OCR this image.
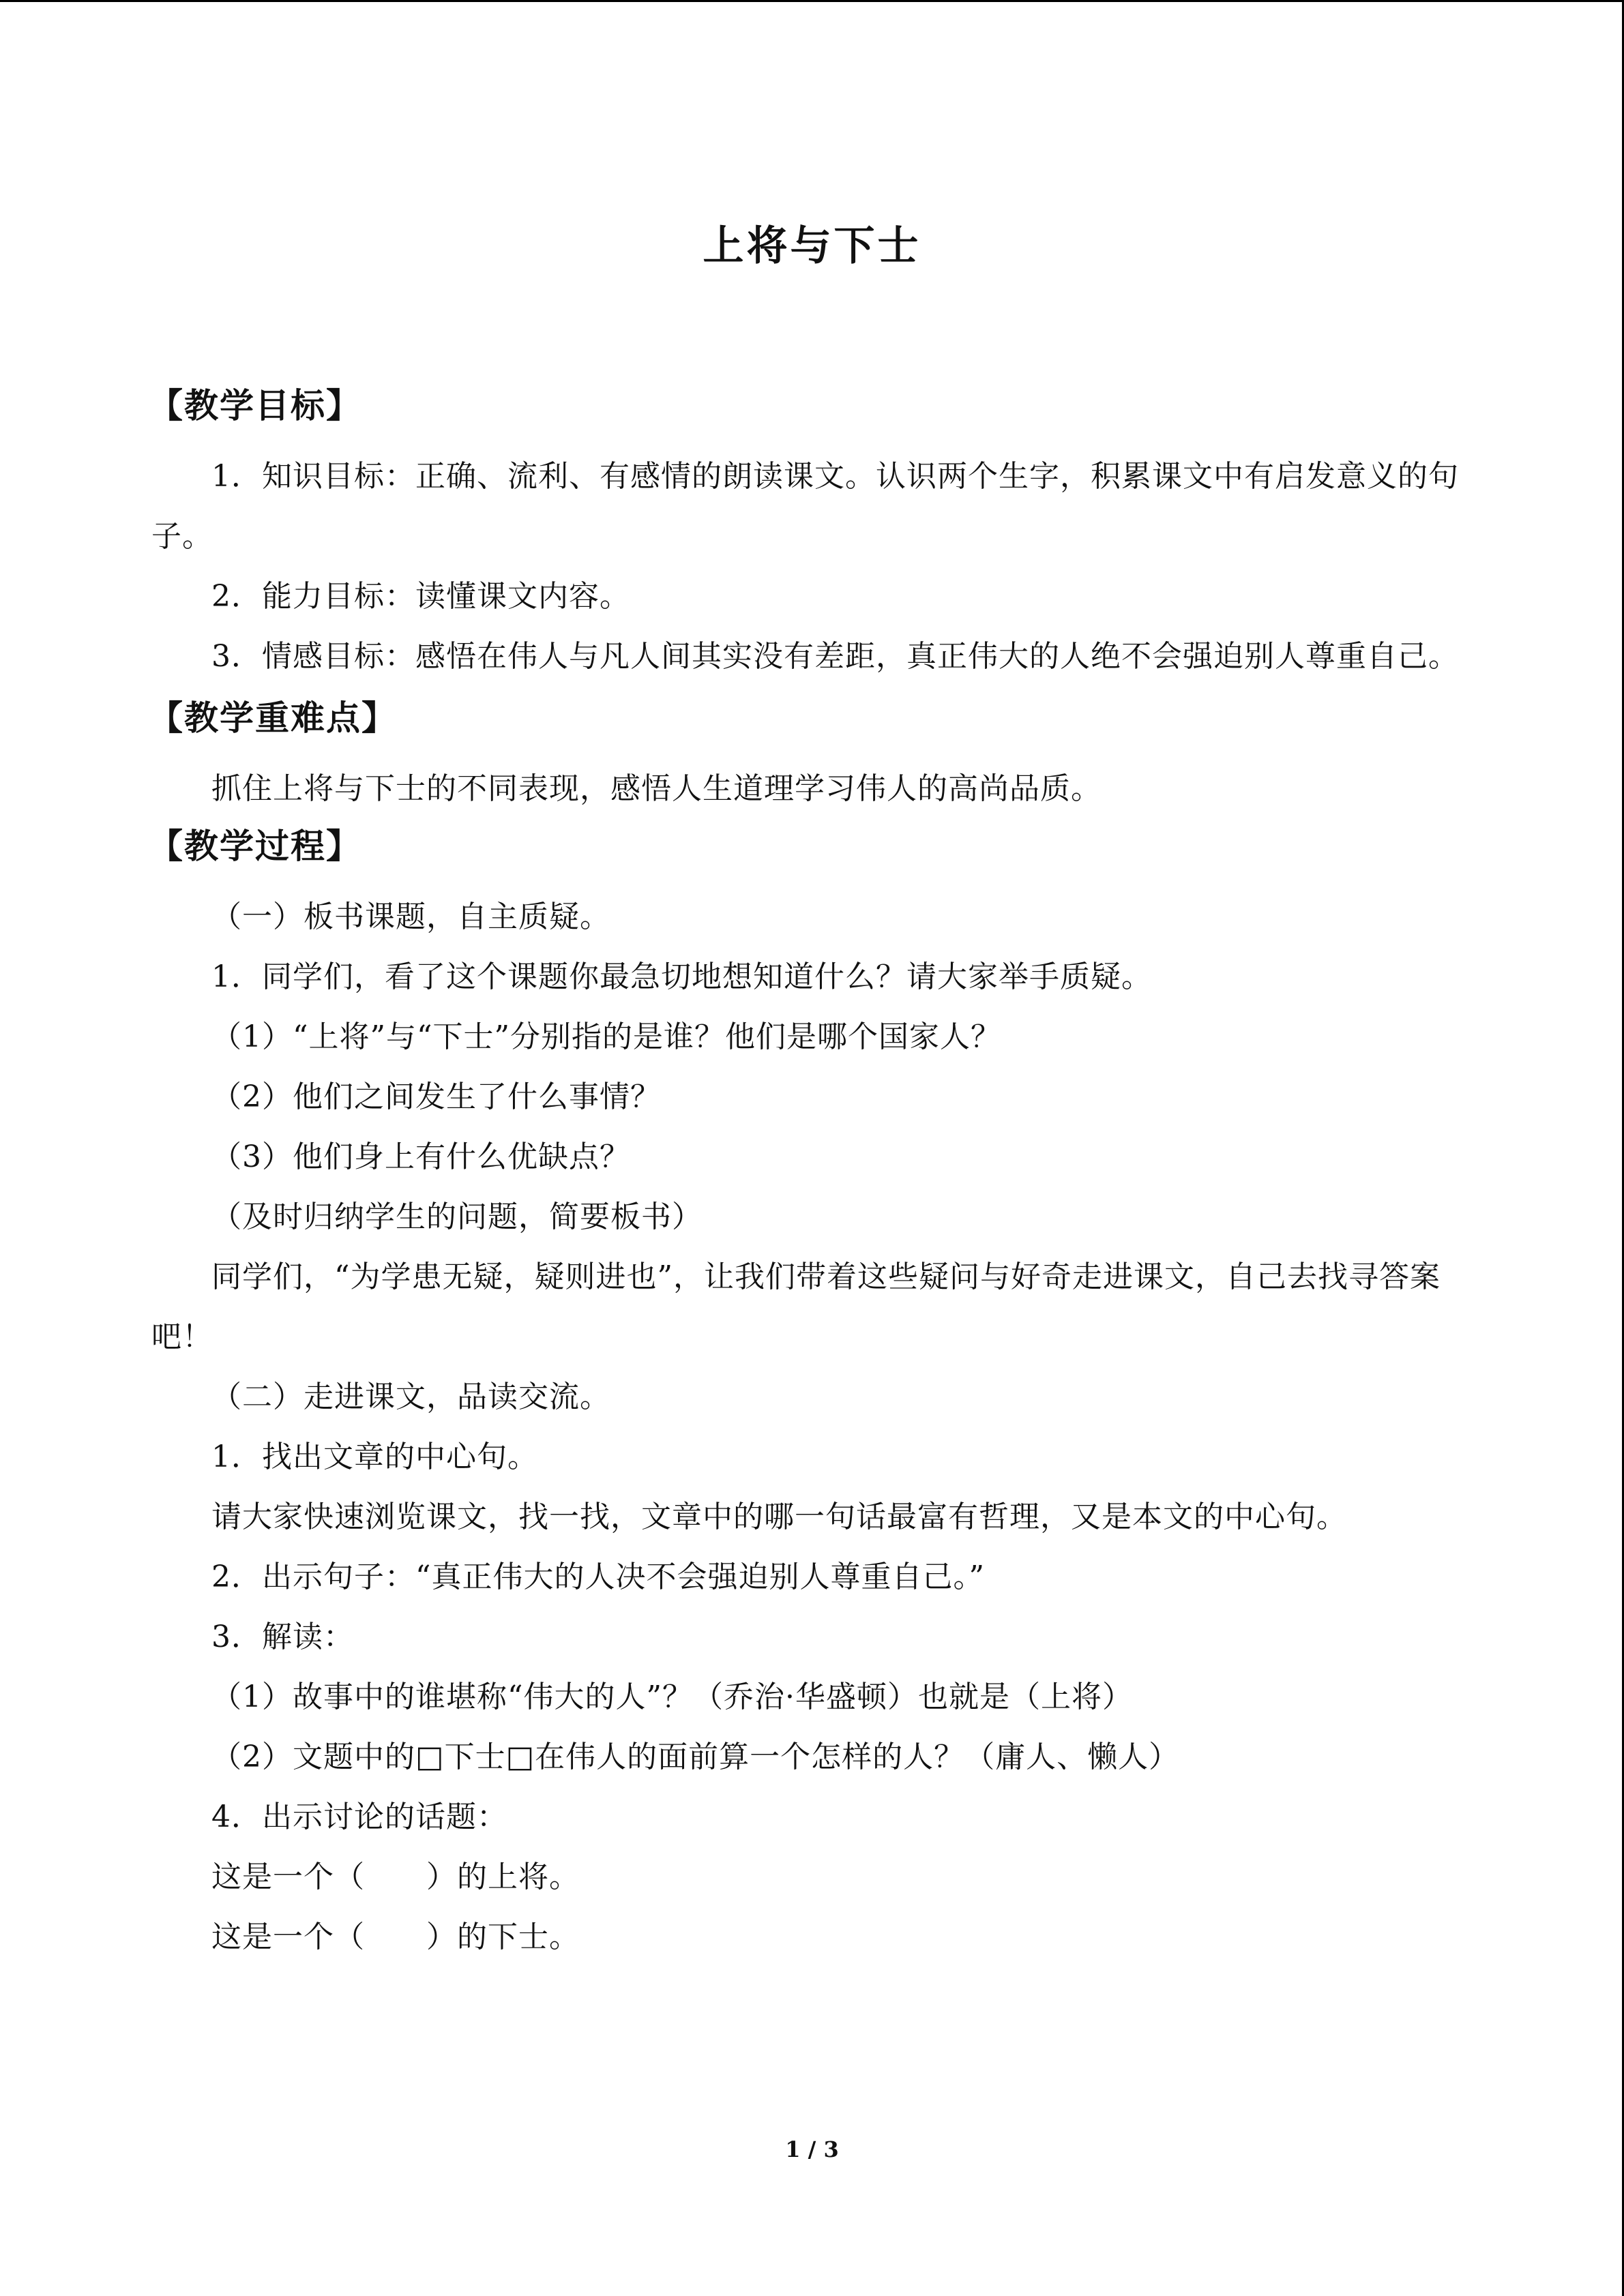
上将与下士
【教学目标】

1．知识目标：正确、流利、有感情的朗读课文。认识两个生字，积累课文中有启发意义的句子。

2．能力目标：读懂课文内容。

3．情感目标：感悟在伟人与凡人间其实没有差距，真正伟大的人绝不会强迫别人尊重自己。

【教学重难点】

抓住上将与下士的不同表现，感悟人生道理学习伟人的高尚品质。

【教学过程】

（一）板书课题，自主质疑。

1．同学们，看了这个课题你最急切地想知道什么？请大家举手质疑。

（1）“上将”与“下士”分别指的是谁？他们是哪个国家人？

（2）他们之间发生了什么事情？

（3）他们身上有什么优缺点？

（及时归纳学生的问题，简要板书）

同学们，“为学患无疑，疑则进也”，让我们带着这些疑问与好奇走进课文，自己去找寻答案吧！

（二）走进课文，品读交流。

1．找出文章的中心句。

请大家快速浏览课文，找一找，文章中的哪一句话最富有哲理，又是本文的中心句。

2．出示句子：“真正伟大的人决不会强迫别人尊重自己。”

3．解读：

（1）故事中的谁堪称“伟大的人”？（乔治·华盛顿）也就是（上将）

（2）文题中的□下士□在伟人的面前算一个怎样的人？（庸人、懒人）

4．出示讨论的话题：

这是一个（　　）的上将。

这是一个（　　）的下士。

1 / 3
